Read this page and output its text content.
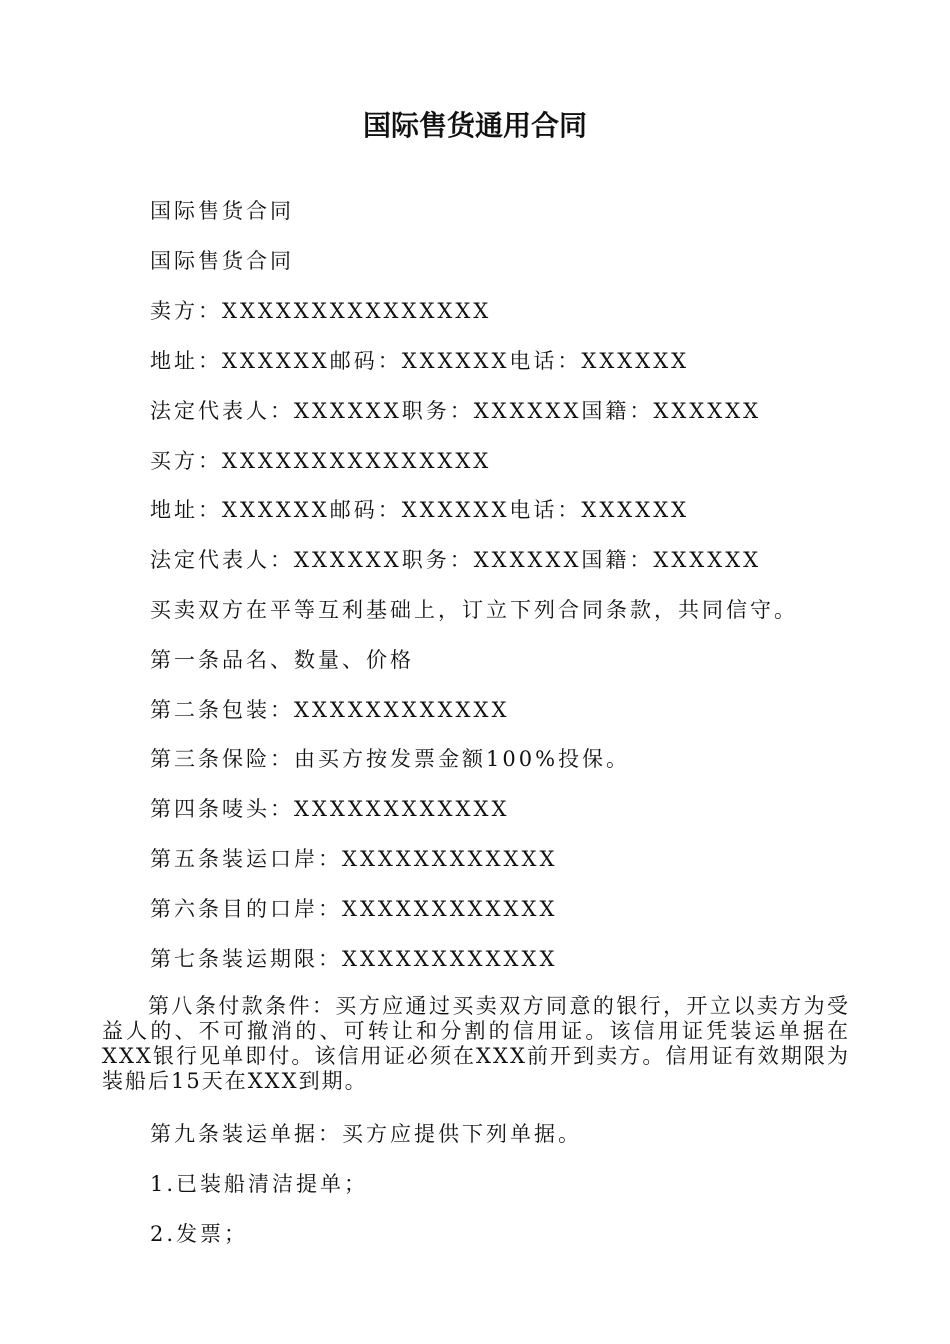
国际售货通用合同

国际售货合同

国际售货合同

卖方：XXXXXXXXXXXXXXX

地址：XXXXXX邮码：XXXXXX电话：XXXXXX

法定代表人：XXXXXX职务：XXXXXX国籍：XXXXXX

买方：XXXXXXXXXXXXXXX

地址：XXXXXX邮码：XXXXXX电话：XXXXXX

法定代表人：XXXXXX职务：XXXXXX国籍：XXXXXX

买卖双方在平等互利基础上，订立下列合同条款，共同信守。

第一条品名、数量、价格

第二条包装：XXXXXXXXXXXX

第三条保险：由买方按发票金额100%投保。

第四条唛头：XXXXXXXXXXXX

第五条装运口岸：XXXXXXXXXXXX

第六条目的口岸：XXXXXXXXXXXX

第七条装运期限：XXXXXXXXXXXX

第八条付款条件：买方应通过买卖双方同意的银行，开立以卖方为受益人的、不可撤消的、可转让和分割的信用证。该信用证凭装运单据在XXX银行见单即付。该信用证必须在XXX前开到卖方。信用证有效期限为装船后15天在XXX到期。

第九条装运单据：买方应提供下列单据。

1.已装船清洁提单；

2.发票；
